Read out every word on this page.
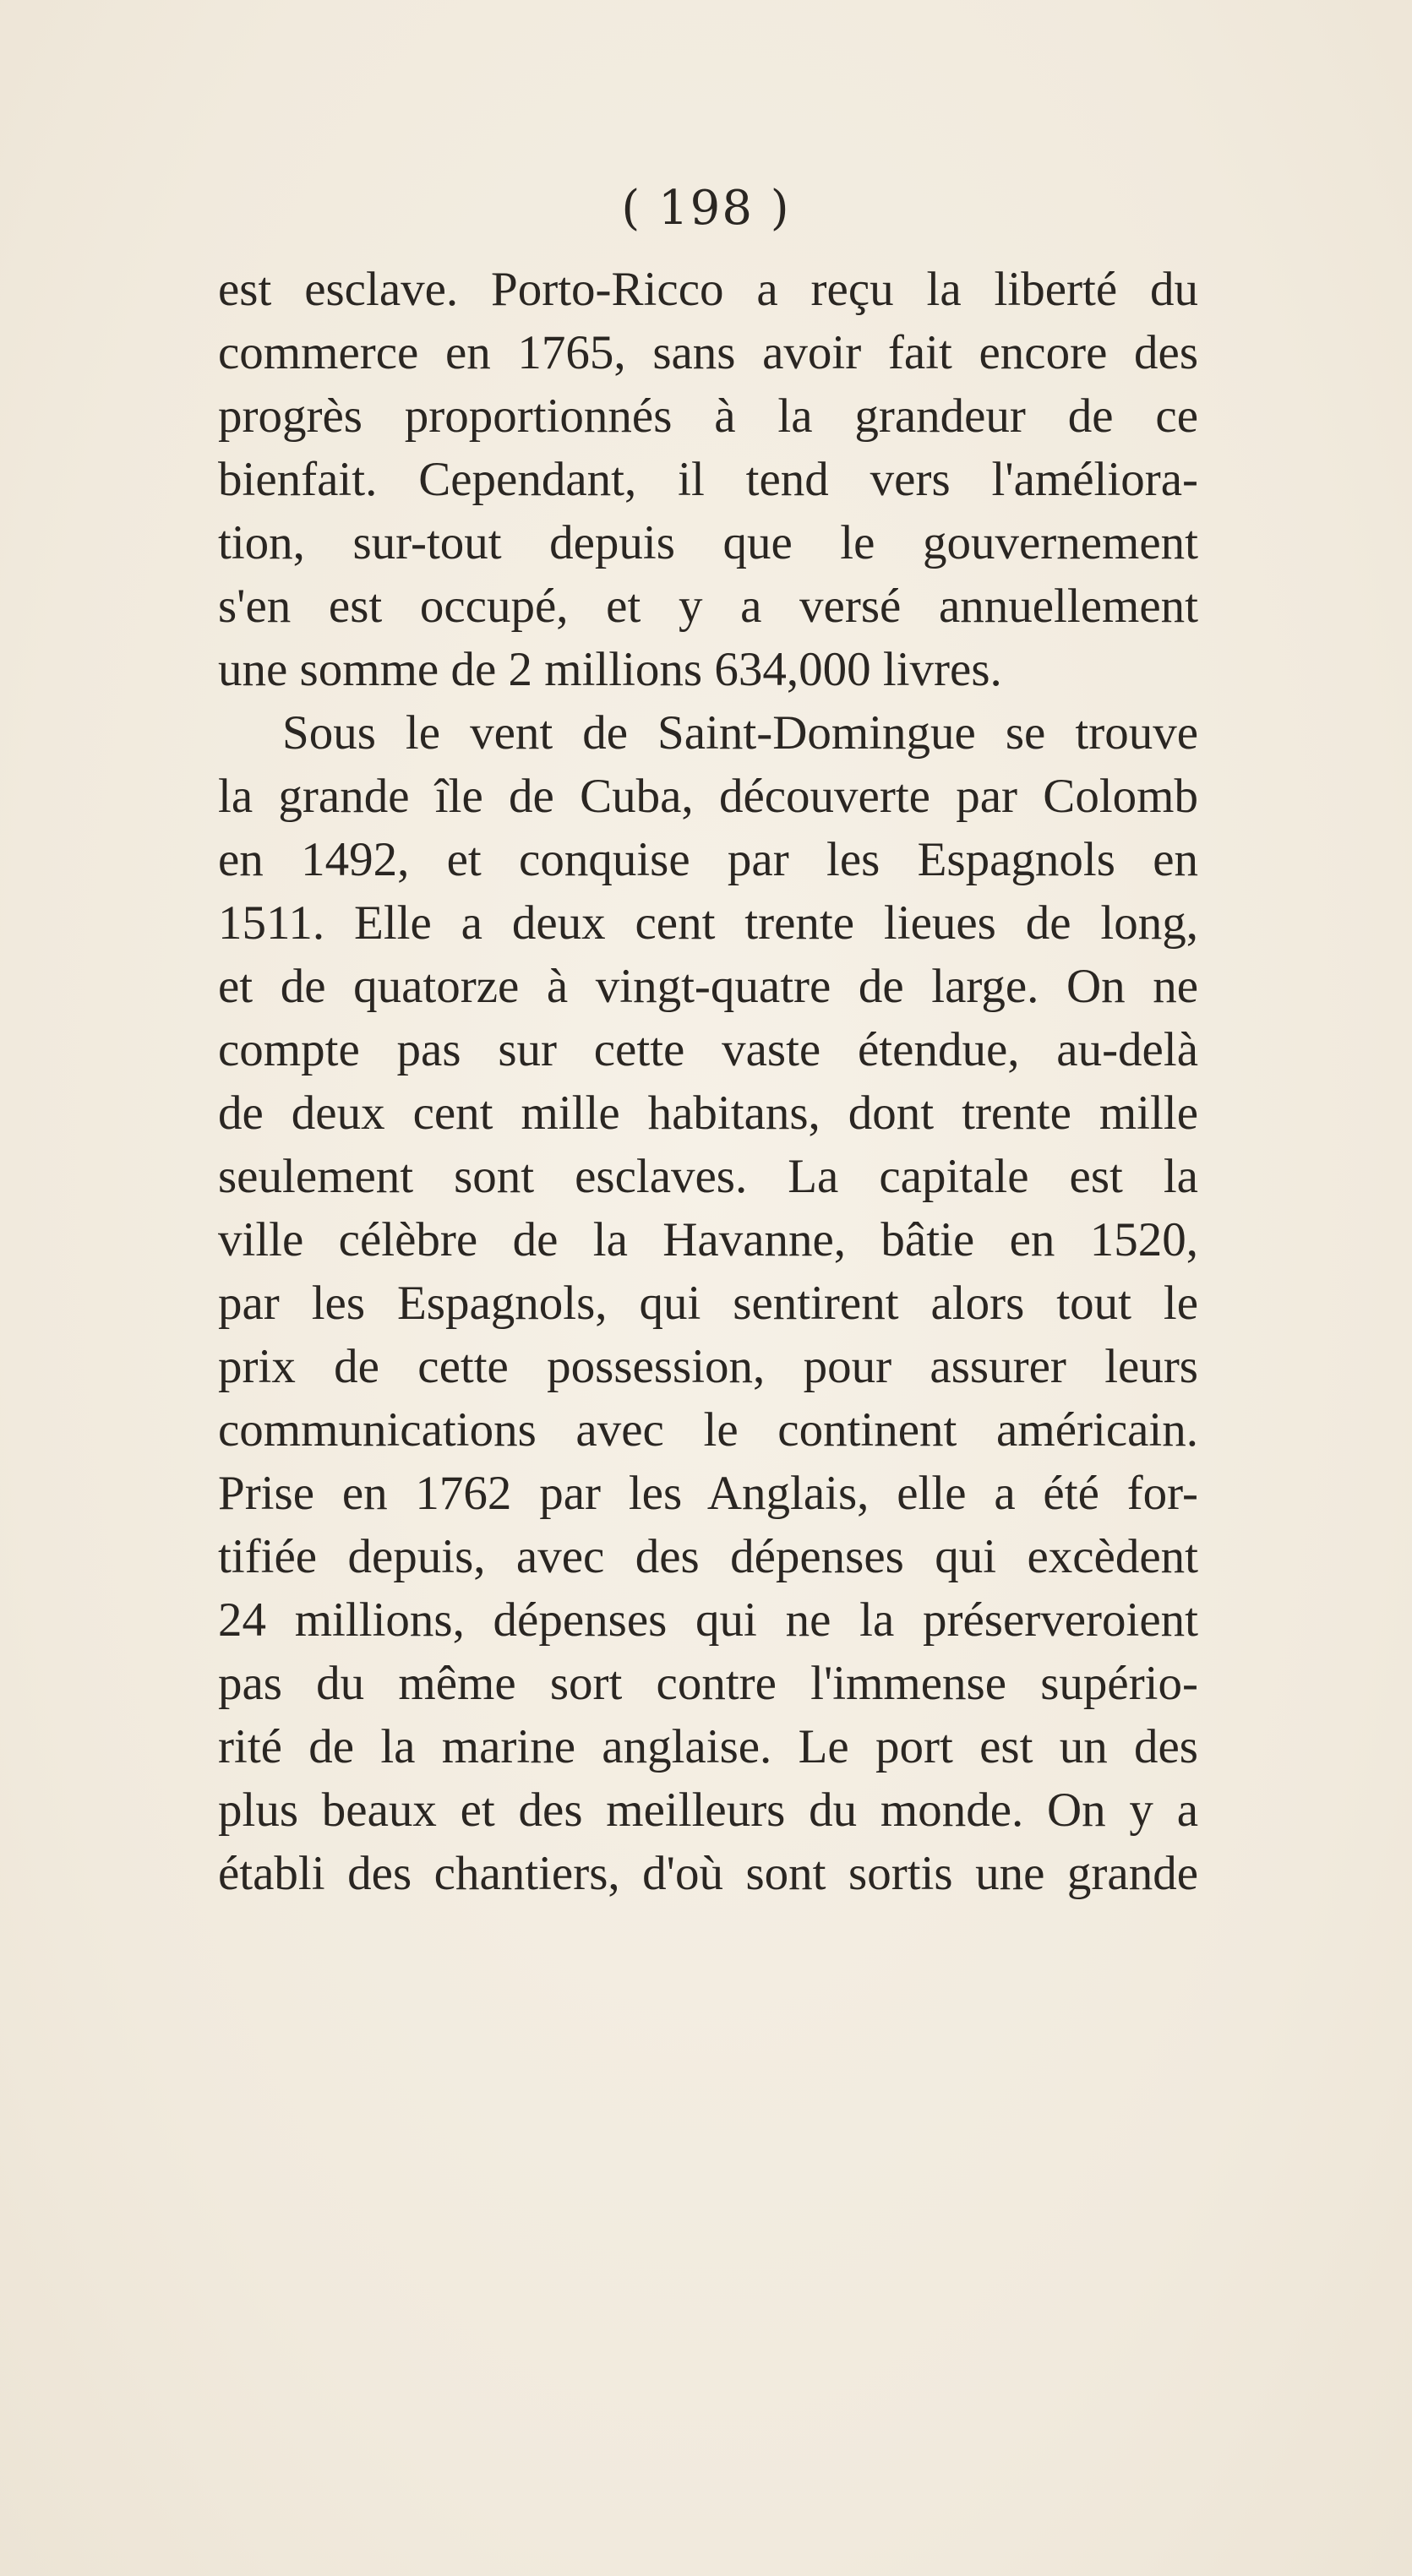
( 198 )
est esclave. Porto-Ricco a reçu la liberté du
commerce en 1765, sans avoir fait encore des
progrès proportionnés à la grandeur de ce
bienfait. Cependant, il tend vers l'améliora-
tion, sur-tout depuis que le gouvernement
s'en est occupé, et y a versé annuellement
une somme de 2 millions 634,000 livres.
Sous le vent de Saint-Domingue se trouve
la grande île de Cuba, découverte par Colomb
en 1492, et conquise par les Espagnols en
1511. Elle a deux cent trente lieues de long,
et de quatorze à vingt-quatre de large. On ne
compte pas sur cette vaste étendue, au-delà
de deux cent mille habitans, dont trente mille
seulement sont esclaves. La capitale est la
ville célèbre de la Havanne, bâtie en 1520,
par les Espagnols, qui sentirent alors tout le
prix de cette possession, pour assurer leurs
communications avec le continent américain.
Prise en 1762 par les Anglais, elle a été for-
tifiée depuis, avec des dépenses qui excèdent
24 millions, dépenses qui ne la préserveroient
pas du même sort contre l'immense supério-
rité de la marine anglaise. Le port est un des
plus beaux et des meilleurs du monde. On y a
établi des chantiers, d'où sont sortis une grande
